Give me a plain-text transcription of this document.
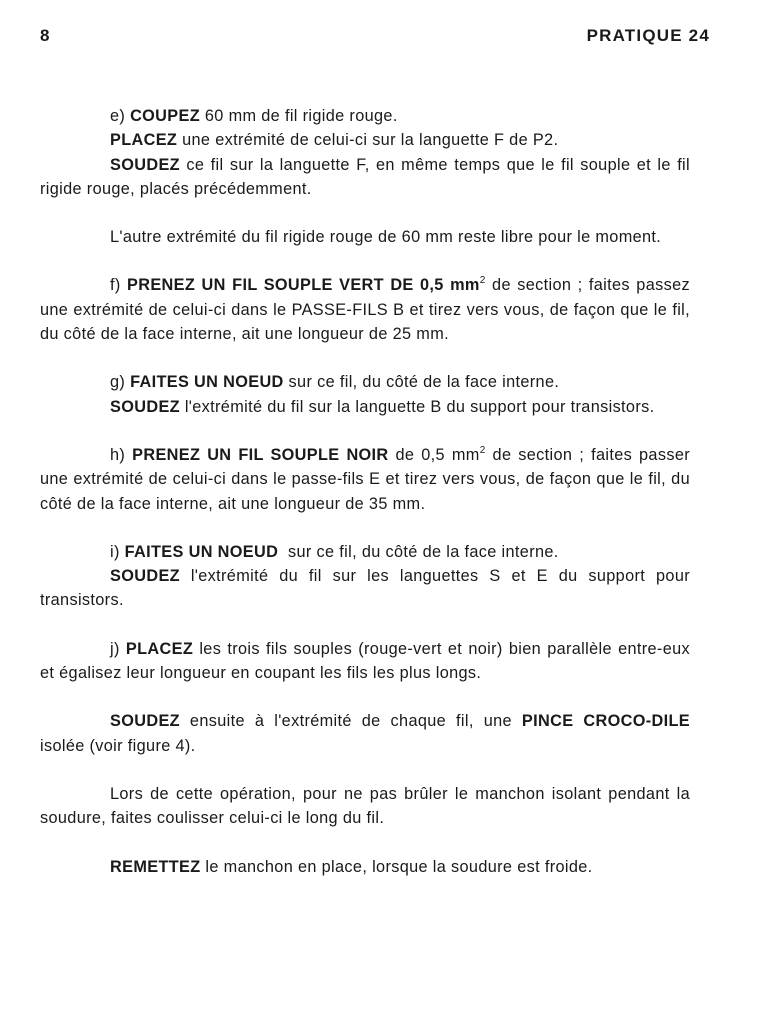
8	PRATIQUE 24

e) COUPEZ 60 mm de fil rigide rouge.

PLACEZ une extrémité de celui-ci sur la languette F de P2.

SOUDEZ ce fil sur la languette F, en même temps que le fil souple et le fil rigide rouge, placés précédemment.

L'autre extrémité du fil rigide rouge de 60 mm reste libre pour le moment.

f) PRENEZ UN FIL SOUPLE VERT DE 0,5 $mm^2$ de section ; faites passez une extrémité de celui-ci dans le PASSE-FILS B et tirez vers vous, de façon que le fil, du côté de la face interne, ait une longueur de 25 mm.

g) FAITES UN NOEUD sur ce fil, du côté de la face interne.

SOUDEZ l'extrémité du fil sur la languette B du support pour transistors.

h) PRENEZ UN FIL SOUPLE NOIR de 0,5 $mm^2$ de section ; faites passer une extrémité de celui-ci dans le passe-fils E et tirez vers vous, de façon que le fil, du côté de la face interne, ait une longueur de 35 mm.

i) FAITES UN NOEUD  sur ce fil, du côté de la face interne.

SOUDEZ l'extrémité du fil sur les languettes S et E du support pour transistors.

j) PLACEZ les trois fils souples (rouge-vert et noir) bien parallèle entre-eux et égalisez leur longueur en coupant les fils les plus longs.

SOUDEZ ensuite à l'extrémité de chaque fil, une PINCE CROCO-DILE isolée (voir figure 4).

Lors de cette opération, pour ne pas brûler le manchon isolant pendant la soudure, faites coulisser celui-ci le long du fil.

REMETTEZ le manchon en place, lorsque la soudure est froide.
